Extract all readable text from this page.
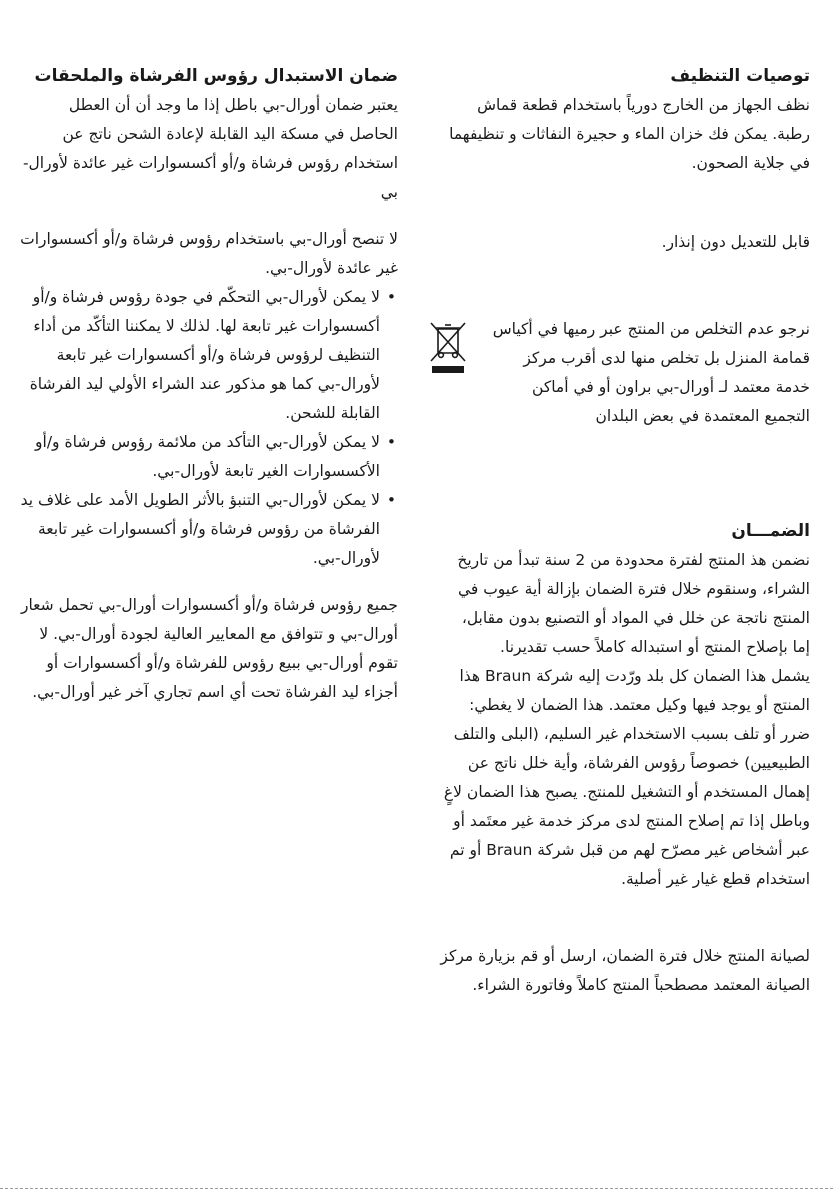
توصيات التنظيف

نظف الجهاز من الخارج دورياً باستخدام قطعة قماش رطبة. يمكن فك خزان الماء و حجيرة النفاثات و تنظيفهما في جلاية الصحون.

قابل للتعديل دون إنذار.

نرجو عدم التخلص من المنتج عبر رميها في أكياس قمامة المنزل بل تخلص منها لدى أقرب مركز خدمة معتمد لـ أورال-بي براون أو في أماكن التجميع المعتمدة في بعض البلدان

الضمـــان

نضمن هذ المنتج لفترة محدودة من 2 سنة تبدأ من تاريخ الشراء، وسنقوم خلال فترة الضمان بإزالة أية عيوب في المنتج ناتجة عن خلل في المواد أو التصنيع بدون مقابل، إما بإصلاح المنتج أو استبداله كاملاً حسب تقديرنا.

يشمل هذا الضمان كل بلد ورّدت إليه شركة Braun هذا المنتج أو يوجد فيها وكيل معتمد. هذا الضمان لا يغطي: ضرر أو تلف بسبب الاستخدام غير السليم، (البلى والتلف الطبيعيين) خصوصاً رؤوس الفرشاة، وأية خلل ناتج عن إهمال المستخدم أو التشغيل للمنتج. يصبح هذا الضمان لاغٍ وباطل إذا تم إصلاح المنتج لدى مركز خدمة غير معتَمد أو عبر أشخاص غير مصرّح لهم من قبل شركة Braun أو تم استخدام قطع غيار غير أصلية.

لصيانة المنتج خلال فترة الضمان، ارسل أو قم بزيارة مركز الصيانة المعتمد مصطحباً المنتج كاملاً وفاتورة الشراء.

ضمان الاستبدال رؤوس الفرشاة والملحقات

يعتبر ضمان أورال-بي باطل إذا ما وجد أن أن العطل الحاصل في مسكة اليد القابلة لإعادة الشحن ناتج عن استخدام رؤوس فرشاة و/أو أكسسوارات غير عائدة لأورال-بي

لا تنصح أورال-بي باستخدام رؤوس فرشاة و/أو أكسسوارات غير عائدة لأورال-بي.

• لا يمكن لأورال-بي التحكّم في جودة رؤوس فرشاة و/أو أكسسوارات غير تابعة لها. لذلك لا يمكننا التأكّد من أداء التنظيف لرؤوس فرشاة و/أو أكسسوارات غير تابعة لأورال-بي كما هو مذكور عند الشراء الأولي ليد الفرشاة القابلة للشحن.
• لا يمكن لأورال-بي التأكد من ملائمة رؤوس فرشاة و/أو الأكسسوارات الغير تابعة لأورال-بي.
• لا يمكن لأورال-بي التنبؤ بالأثر الطويل الأمد على غلاف يد الفرشاة من رؤوس فرشاة و/أو أكسسوارات غير تابعة لأورال-بي.

جميع رؤوس فرشاة و/أو أكسسوارات أورال-بي تحمل شعار أورال-بي و تتوافق مع المعايير العالية لجودة أورال-بي. لا تقوم أورال-بي ببيع رؤوس للفرشاة و/أو أكسسوارات أو أجزاء ليد الفرشاة تحت أي اسم تجاري آخر غير أورال-بي.
